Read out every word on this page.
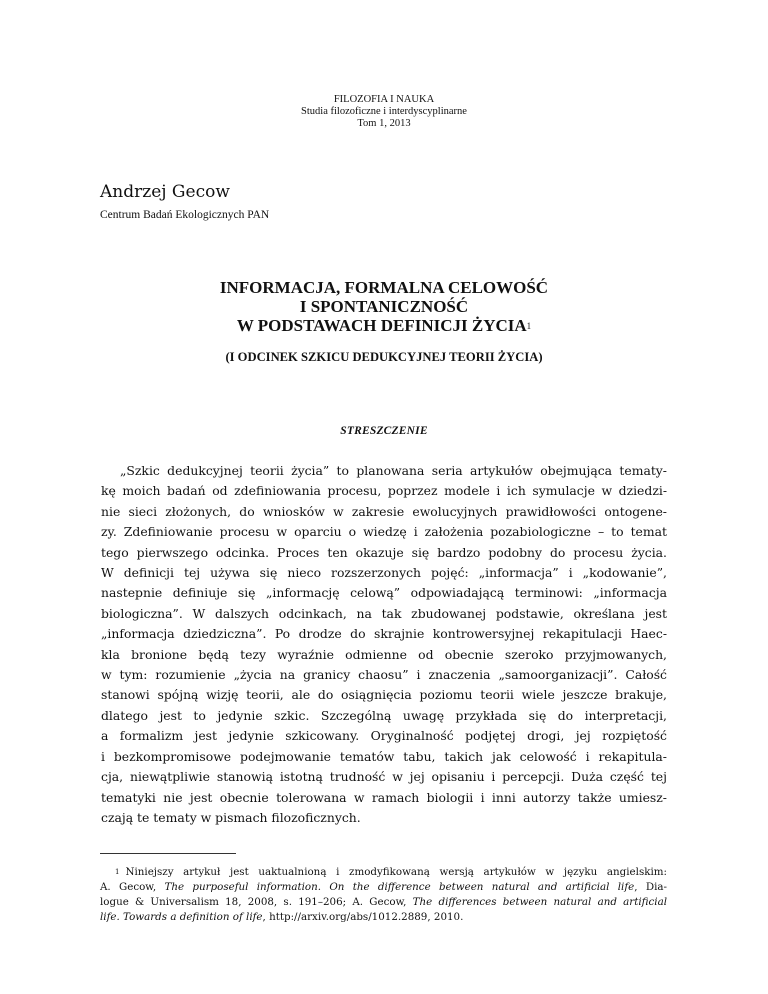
FILOZOFIA I NAUKA
Studia filozoficzne i interdyscyplinarne
Tom 1, 2013
Andrzej Gecow
Centrum Badań Ekologicznych PAN
INFORMACJA, FORMALNA CELOWOŚĆ
I SPONTANICZNOŚĆ
W PODSTAWACH DEFINICJI ŻYCIA$^1$
(I ODCINEK SZKICU DEDUKCYJNEJ TEORII ŻYCIA)
STRESZCZENIE
„Szkic dedukcyjnej teorii życia” to planowana seria artykułów obejmująca tematy-
kę moich badań od zdefiniowania procesu, poprzez modele i ich symulacje w dziedzi-
nie sieci złożonych, do wniosków w zakresie ewolucyjnych prawidłowości ontogene-
zy. Zdefiniowanie procesu w oparciu o wiedzę i założenia pozabiologiczne – to temat
tego pierwszego odcinka. Proces ten okazuje się bardzo podobny do procesu życia.
W definicji tej używa się nieco rozszerzonych pojęć: „informacja” i „kodowanie”,
nastepnie definiuje się „informację celową” odpowiadającą terminowi: „informacja
biologiczna”. W dalszych odcinkach, na tak zbudowanej podstawie, określana jest
„informacja dziedziczna”. Po drodze do skrajnie kontrowersyjnej rekapitulacji Haec-
kla bronione będą tezy wyraźnie odmienne od obecnie szeroko przyjmowanych,
w tym: rozumienie „życia na granicy chaosu” i znaczenia „samoorganizacji”. Całość
stanowi spójną wizję teorii, ale do osiągnięcia poziomu teorii wiele jeszcze brakuje,
dlatego jest to jedynie szkic. Szczególną uwagę przykłada się do interpretacji,
a formalizm jest jedynie szkicowany. Oryginalność podjętej drogi, jej rozpiętość
i bezkompromisowe podejmowanie tematów tabu, takich jak celowość i rekapitula-
cja, niewątpliwie stanowią istotną trudność w jej opisaniu i percepcji. Duża część tej
tematyki nie jest obecnie tolerowana w ramach biologii i inni autorzy także umiesz-
czają te tematy w pismach filozoficznych.
$^1$ Niniejszy artykuł jest uaktualnioną i zmodyfikowaną wersją artykułów w języku angielskim:
A. Gecow, The purposeful information. On the difference between natural and artificial life, Dia-
logue & Universalism 18, 2008, s. 191–206; A. Gecow, The differences between natural and artificial
life. Towards a definition of life, http://arxiv.org/abs/1012.2889, 2010.
